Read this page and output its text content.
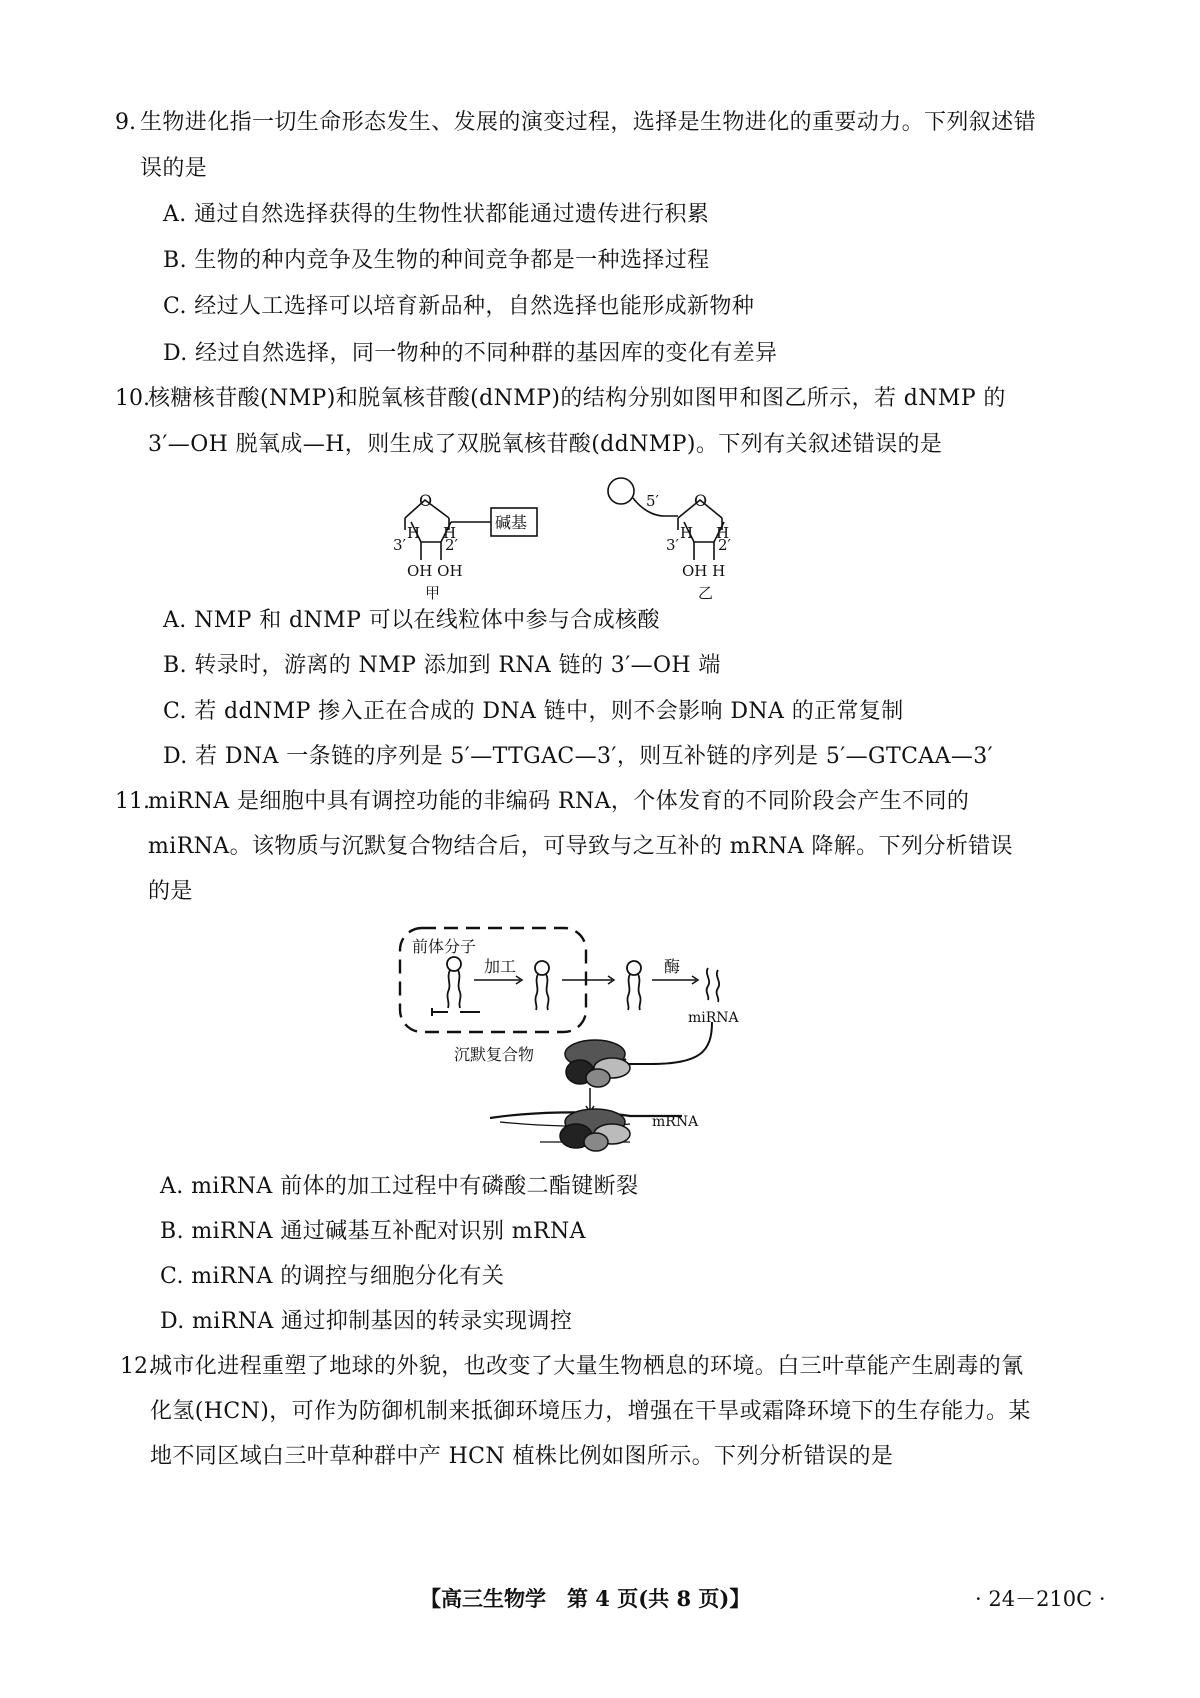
9. 生物进化指一切生命形态发生、发展的演变过程，选择是生物进化的重要动力。下列叙述错
误的是
A. 通过自然选择获得的生物性状都能通过遗传进行积累
B. 生物的种内竞争及生物的种间竞争都是一种选择过程
C. 经过人工选择可以培育新品种，自然选择也能形成新物种
D. 经过自然选择，同一物种的不同种群的基因库的变化有差异
10.
核糖核苷酸(NMP)和脱氧核苷酸(dNMP)的结构分别如图甲和图乙所示，若 dNMP 的
3′—OH 脱氧成—H，则生成了双脱氧核苷酸(ddNMP)。下列有关叙述错误的是
O
H H
3′	2′
OH OH
碱基
甲
5′ O
H H
3′	2′
OH H
乙
A. NMP 和 dNMP 可以在线粒体中参与合成核酸
B. 转录时，游离的 NMP 添加到 RNA 链的 3′—OH 端
C. 若 ddNMP 掺入正在合成的 DNA 链中，则不会影响 DNA 的正常复制
D. 若 DNA 一条链的序列是 5′—TTGAC—3′，则互补链的序列是 5′—GTCAA—3′
11.
miRNA 是细胞中具有调控功能的非编码 RNA，个体发育的不同阶段会产生不同的
miRNA。该物质与沉默复合物结合后，可导致与之互补的 mRNA 降解。下列分析错误
的是
前体分子
加工	酶
miRNA
沉默复合物
mRNA
A. miRNA 前体的加工过程中有磷酸二酯键断裂
B. miRNA 通过碱基互补配对识别 mRNA
C. miRNA 的调控与细胞分化有关
D. miRNA 通过抑制基因的转录实现调控
12.
城市化进程重塑了地球的外貌，也改变了大量生物栖息的环境。白三叶草能产生剧毒的氰
化氢(HCN)，可作为防御机制来抵御环境压力，增强在干旱或霜降环境下的生存能力。某
地不同区域白三叶草种群中产 HCN 植株比例如图所示。下列分析错误的是
【高三生物学　第 4 页(共 8 页)】	· 24－210C ·
